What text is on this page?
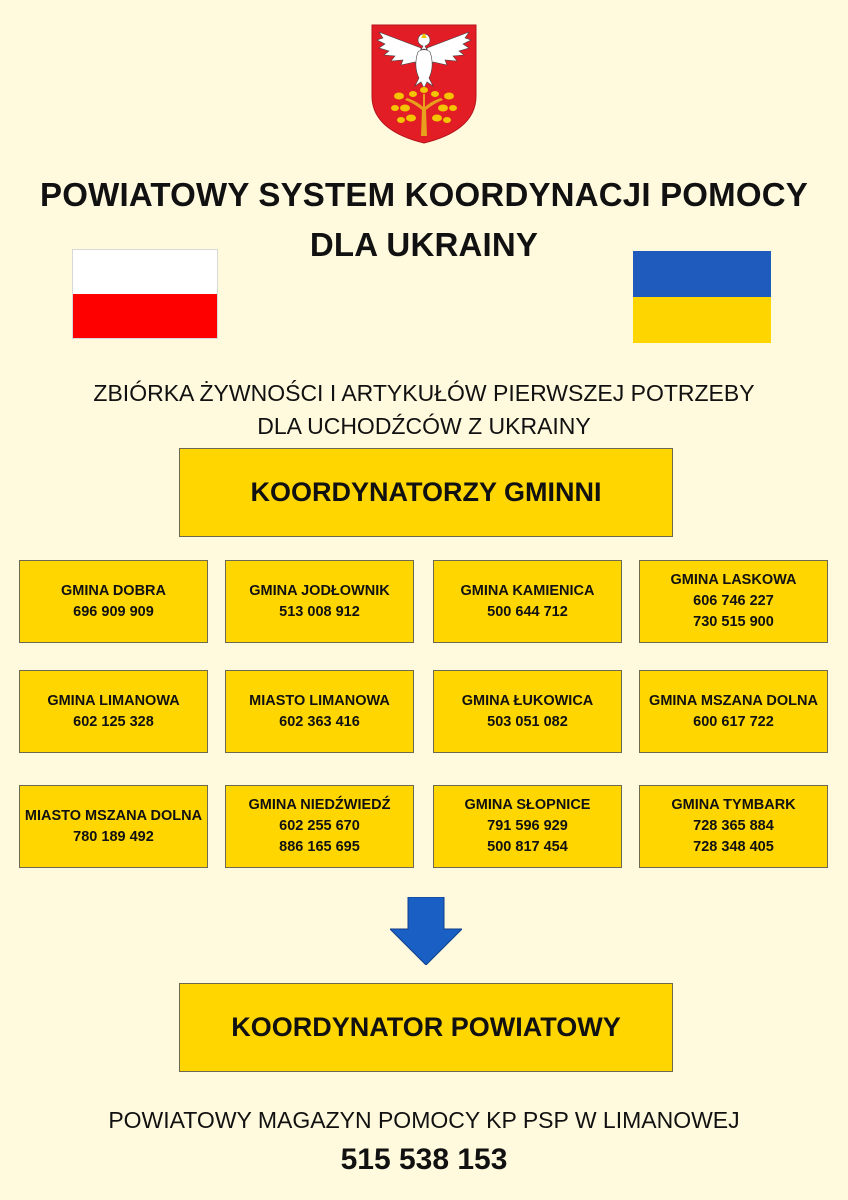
POWIATOWY SYSTEM KOORDYNACJI POMOCY
DLA UKRAINY
ZBIÓRKA ŻYWNOŚCI I ARTYKUŁÓW PIERWSZEJ POTRZEBY
DLA UCHODŹCÓW Z UKRAINY
KOORDYNATORZY GMINNI
GMINA DOBRA
696 909 909
GMINA JODŁOWNIK
513 008 912
GMINA KAMIENICA
500 644 712
GMINA LASKOWA
606 746 227
730 515 900
GMINA LIMANOWA
602 125 328
MIASTO LIMANOWA
602 363 416
GMINA ŁUKOWICA
503 051 082
GMINA MSZANA DOLNA
600 617 722
MIASTO MSZANA DOLNA
780 189 492
GMINA NIEDŹWIEDŹ
602 255 670
886 165 695
GMINA SŁOPNICE
791 596 929
500 817 454
GMINA TYMBARK
728 365 884
728 348 405
KOORDYNATOR POWIATOWY
POWIATOWY MAGAZYN POMOCY KP PSP W LIMANOWEJ
515 538 153
